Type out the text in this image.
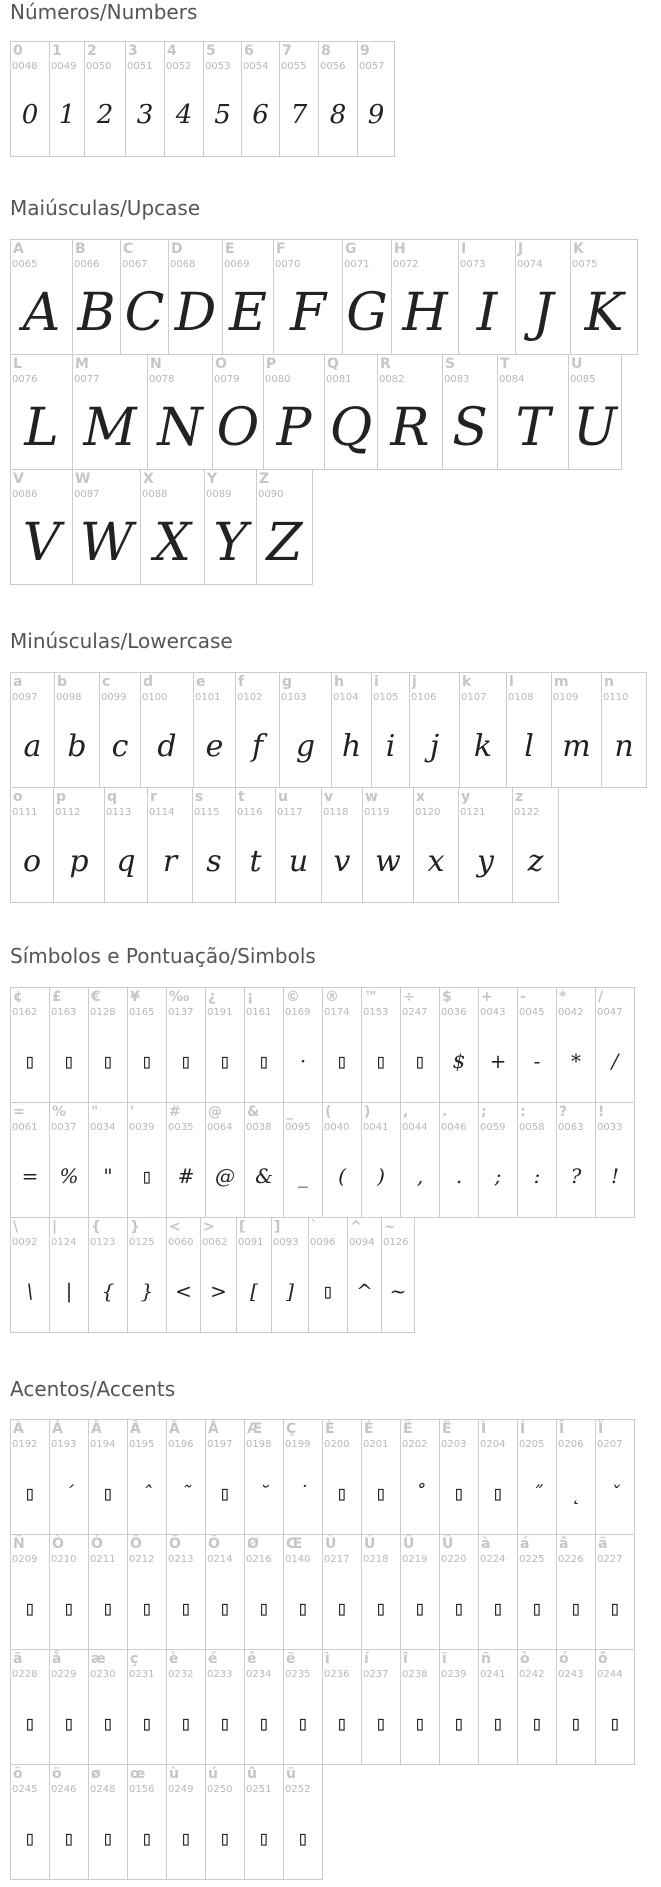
Números/Numbers
0
0048
0
1
0049
1
2
0050
2
3
0051
3
4
0052
4
5
0053
5
6
0054
6
7
0055
7
8
0056
8
9
0057
9
Maiúsculas/Upcase
A
0065
A
B
0066
B
C
0067
C
D
0068
D
E
0069
E
F
0070
F
G
0071
G
H
0072
H
I
0073
I
J
0074
J
K
0075
K
L
0076
L
M
0077
M
N
0078
N
O
0079
O
P
0080
P
Q
0081
Q
R
0082
R
S
0083
S
T
0084
T
U
0085
U
V
0086
V
W
0087
W
X
0088
X
Y
0089
Y
Z
0090
Z
Minúsculas/Lowercase
a
0097
a
b
0098
b
c
0099
c
d
0100
d
e
0101
e
f
0102
f
g
0103
g
h
0104
h
i
0105
i
j
0106
j
k
0107
k
l
0108
l
m
0109
m
n
0110
n
o
0111
o
p
0112
p
q
0113
q
r
0114
r
s
0115
s
t
0116
t
u
0117
u
v
0118
v
w
0119
w
x
0120
x
y
0121
y
z
0122
z
Símbolos e Pontuação/Simbols
¢
0162
▯
£
0163
▯
€
0128
▯
¥
0165
▯
‰
0137
▯
¿
0191
▯
¡
0161
▯
©
0169
·
®
0174
▯
™
0153
▯
÷
0247
▯
$
0036
$
+
0043
+
-
0045
-
*
0042
*
/
0047
/
=
0061
=
%
0037
%
"
0034
"
'
0039
▯
#
0035
#
@
0064
@
&
0038
&
_
0095
_
(
0040
(
)
0041
)
,
0044
,
.
0046
.
;
0059
;
:
0058
:
?
0063
?
!
0033
!
\
0092
\
|
0124
|
{
0123
{
}
0125
}
<
0060
<
>
0062
>
[
0091
[
]
0093
]
`
0096
▯
^
0094
^
~
0126
~
Acentos/Accents
À
0192
▯
Á
0193
´
Â
0194
▯
Ã
0195
ˆ
Ä
0196
˜
Å
0197
▯
Æ
0198
˘
Ç
0199
˙
È
0200
▯
É
0201
▯
Ê
0202
˚
Ë
0203
▯
Ì
0204
▯
Í
0205
˝
Î
0206
˛
Ï
0207
ˇ
Ñ
0209
▯
Ò
0210
▯
Ó
0211
▯
Ô
0212
▯
Õ
0213
▯
Ö
0214
▯
Ø
0216
▯
Œ
0140
▯
Ù
0217
▯
Ú
0218
▯
Û
0219
▯
Ü
0220
▯
à
0224
▯
á
0225
▯
â
0226
▯
ã
0227
▯
ä
0228
▯
å
0229
▯
æ
0230
▯
ç
0231
▯
è
0232
▯
é
0233
▯
ê
0234
▯
ë
0235
▯
ì
0236
▯
í
0237
▯
î
0238
▯
ï
0239
▯
ñ
0241
▯
ò
0242
▯
ó
0243
▯
ô
0244
▯
õ
0245
▯
ö
0246
▯
ø
0248
▯
œ
0156
▯
ù
0249
▯
ú
0250
▯
û
0251
▯
ü
0252
▯
